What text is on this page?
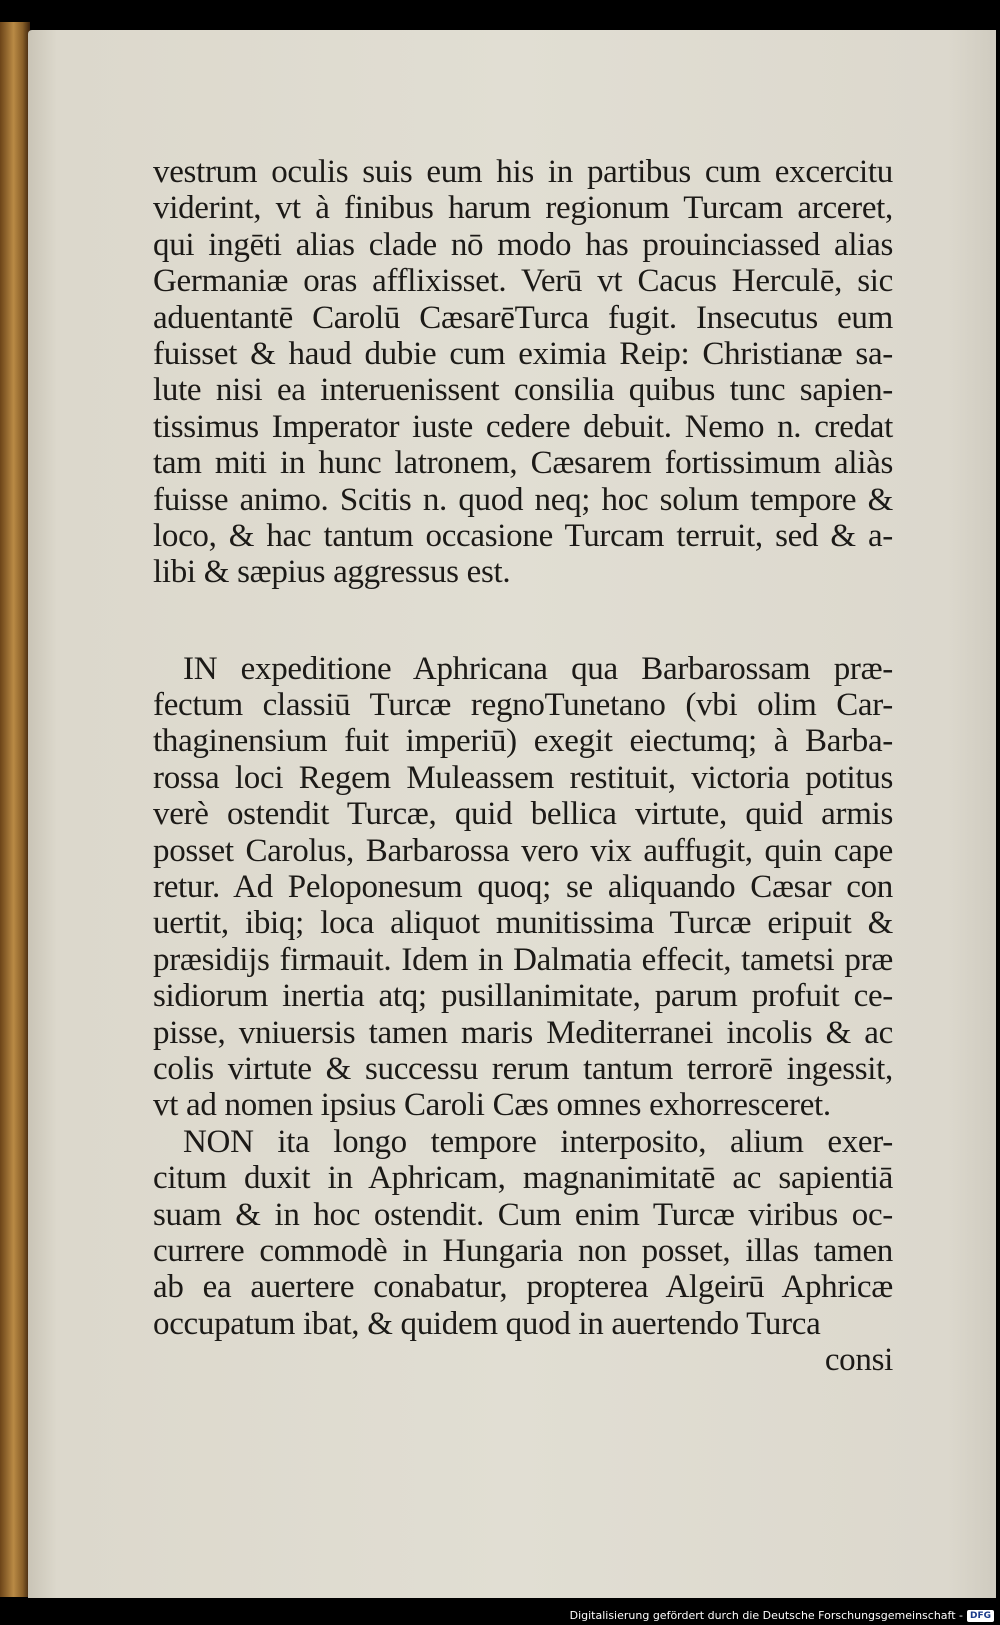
vestrum oculis suis eum his in partibus cum excercitu
viderint, vt à finibus harum regionum Turcam arceret,
qui ingēti alias clade nō modo has prouinciassed alias
Germaniæ oras afflixisset. Verū vt Cacus Herculē, sic
aduentantē Carolū CæsarēTurca fugit. Insecutus eum
fuisset & haud dubie cum eximia Reip: Christianæ sa-
lute nisi ea interuenissent consilia quibus tunc sapien-
tissimus Imperator iuste cedere debuit. Nemo n. credat
tam miti in hunc latronem, Cæsarem fortissimum aliàs
fuisse animo. Scitis n. quod neq; hoc solum tempore &
loco, & hac tantum occasione Turcam terruit, sed & a-
libi & sæpius aggressus est.
IN expeditione Aphricana qua Barbarossam præ-
fectum classiū Turcæ regnoTunetano (vbi olim Car-
thaginensium fuit imperiū) exegit eiectumq; à Barba-
rossa loci Regem Muleassem restituit, victoria potitus
verè ostendit Turcæ, quid bellica virtute, quid armis
posset Carolus, Barbarossa vero vix auffugit, quin cape
retur. Ad Peloponesum quoq; se aliquando Cæsar con
uertit, ibiq; loca aliquot munitissima Turcæ eripuit &
præsidijs firmauit. Idem in Dalmatia effecit, tametsi præ
sidiorum inertia atq; pusillanimitate, parum profuit ce-
pisse, vniuersis tamen maris Mediterranei incolis & ac
colis virtute & successu rerum tantum terrorē ingessit,
vt ad nomen ipsius Caroli Cæs omnes exhorresceret.
NON ita longo tempore interposito, alium exer-
citum duxit in Aphricam, magnanimitatē ac sapientiā
suam & in hoc ostendit. Cum enim Turcæ viribus oc-
currere commodè in Hungaria non posset, illas tamen
ab ea auertere conabatur, propterea Algeirū Aphricæ
occupatum ibat, & quidem quod in auertendo Turca
consi
Digitalisierung gefördert durch die Deutsche Forschungsgemeinschaft - DFG
